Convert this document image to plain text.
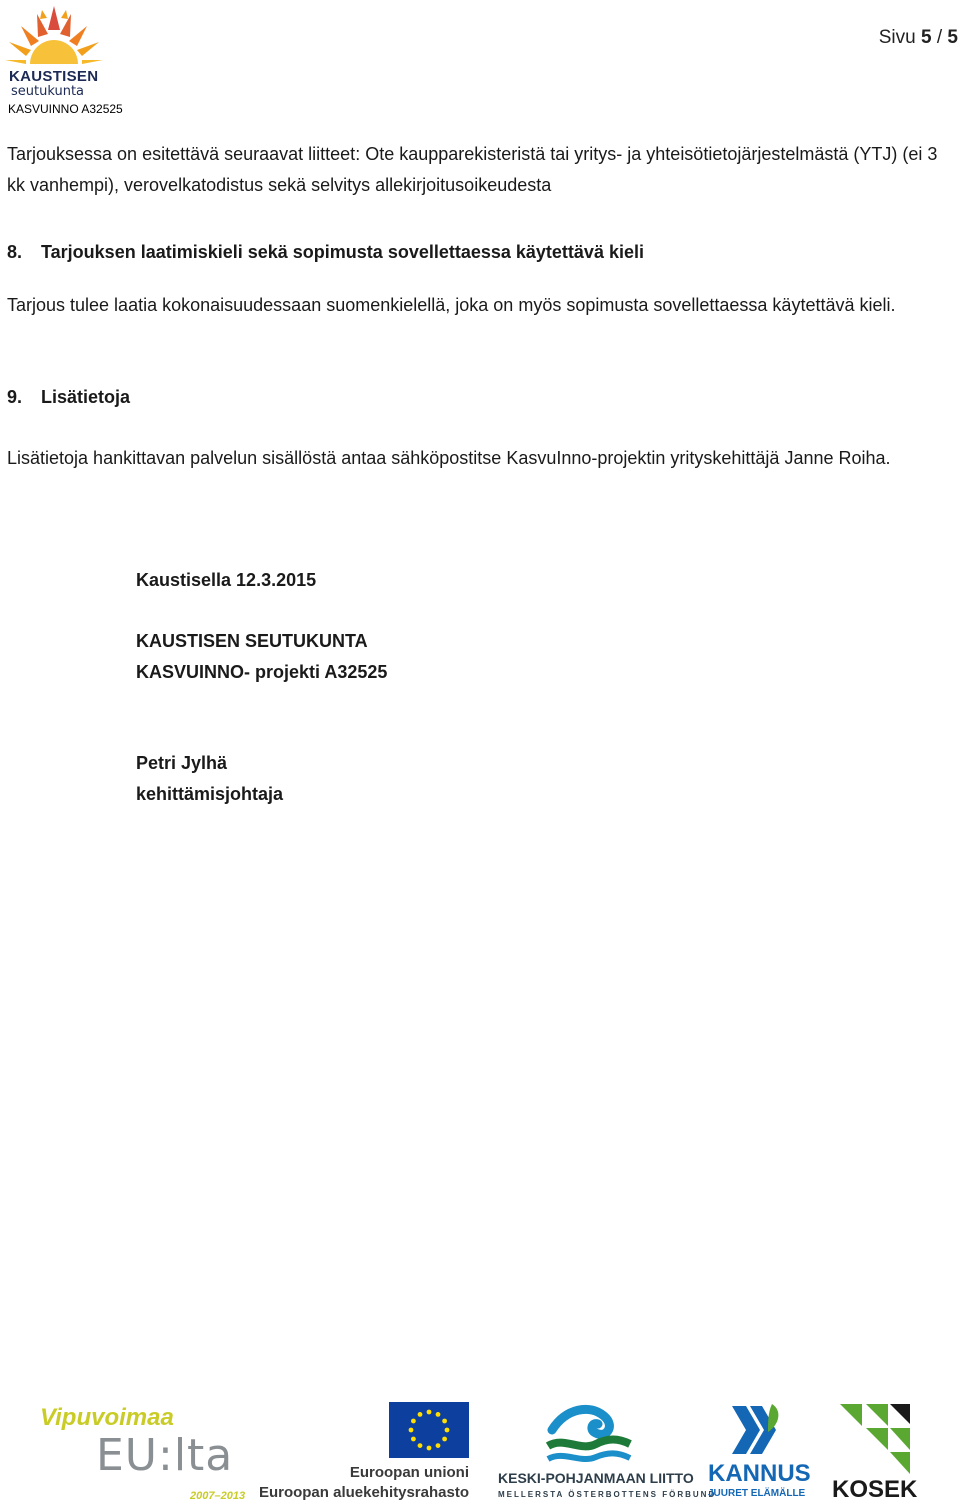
KAUSTISEN
seutukunta
KASVUINNO A32525
Sivu 5 / 5

Tarjouksessa on esitettävä seuraavat liitteet: Ote kaupparekisteristä tai yritys- ja yhteisötietojärjestelmästä (YTJ) (ei 3 kk vanhempi), verovelkatodistus sekä selvitys allekirjoitusoikeudesta

8. Tarjouksen laatimiskieli sekä sopimusta sovellettaessa käytettävä kieli

Tarjous tulee laatia kokonaisuudessaan suomenkielellä, joka on myös sopimusta sovellettaessa käytettävä kieli.

9. Lisätietoja

Lisätietoja hankittavan palvelun sisällöstä antaa sähköpostitse KasvuInno-projektin yrityskehittäjä Janne Roiha.

Kaustisella 12.3.2015
KAUSTISEN SEUTUKUNTA
KASVUINNO- projekti A32525
Petri Jylhä
kehittämisjohtaja
Vipuvoimaa
EU:lta
2007–2013
Euroopan unioni
Euroopan aluekehitysrahasto
KESKI-POHJANMAAN LIITTO
MELLERSTA ÖSTERBOTTENS FÖRBUND
KANNUS
JUURET ELÄMÄLLE KOSEK
